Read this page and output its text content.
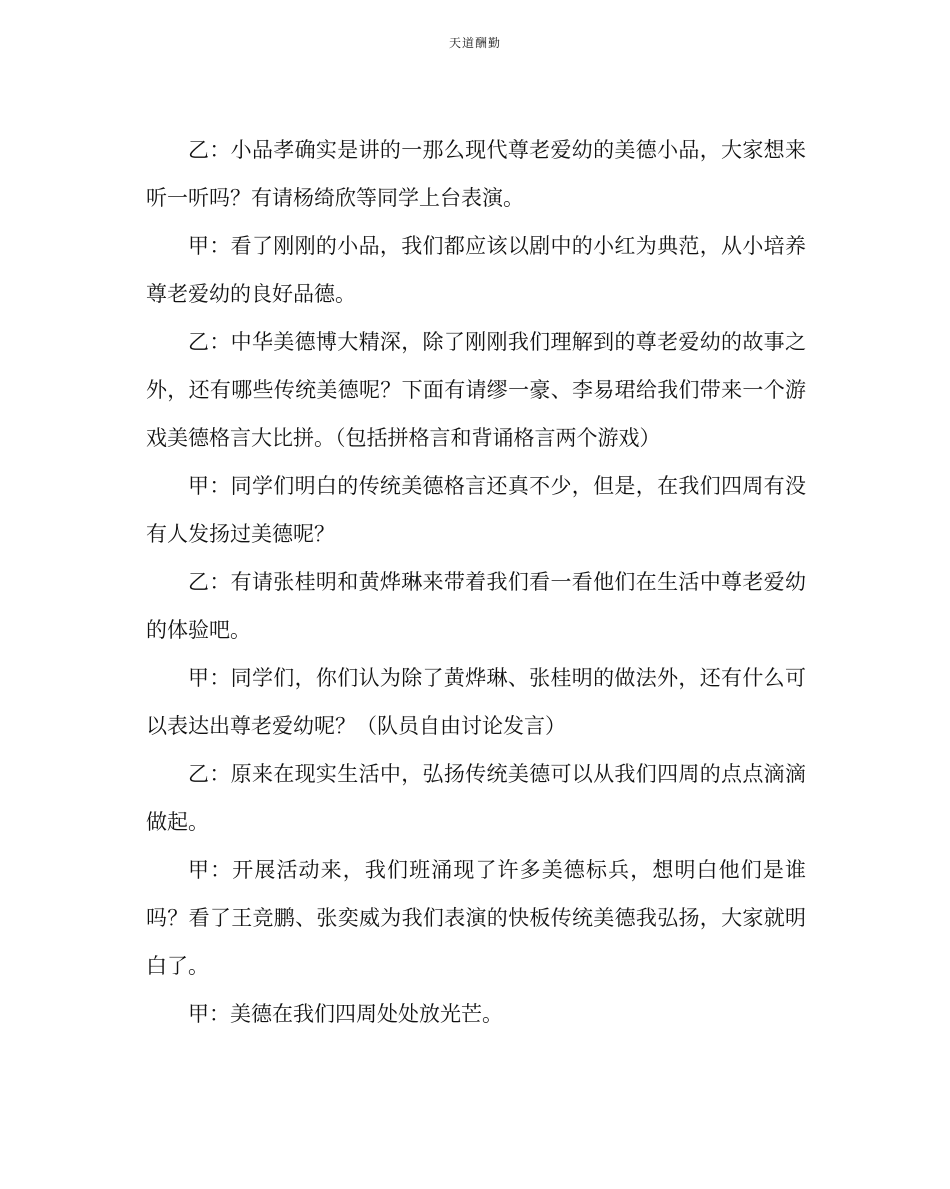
天道酬勤

乙：小品孝确实是讲的一那么现代尊老爱幼的美德小品，大家想来听一听吗？有请杨绮欣等同学上台表演。

甲：看了刚刚的小品，我们都应该以剧中的小红为典范，从小培养尊老爱幼的良好品德。

乙：中华美德博大精深，除了刚刚我们理解到的尊老爱幼的故事之外，还有哪些传统美德呢？下面有请缪一豪、李易珺给我们带来一个游戏美德格言大比拼。（包括拼格言和背诵格言两个游戏）

甲：同学们明白的传统美德格言还真不少，但是，在我们四周有没有人发扬过美德呢？

乙：有请张桂明和黄烨琳来带着我们看一看他们在生活中尊老爱幼的体验吧。

甲：同学们，你们认为除了黄烨琳、张桂明的做法外，还有什么可以表达出尊老爱幼呢？（队员自由讨论发言）

乙：原来在现实生活中，弘扬传统美德可以从我们四周的点点滴滴做起。

甲：开展活动来，我们班涌现了许多美德标兵，想明白他们是谁吗？看了王竞鹏、张奕威为我们表演的快板传统美德我弘扬，大家就明白了。

甲：美德在我们四周处处放光芒。
